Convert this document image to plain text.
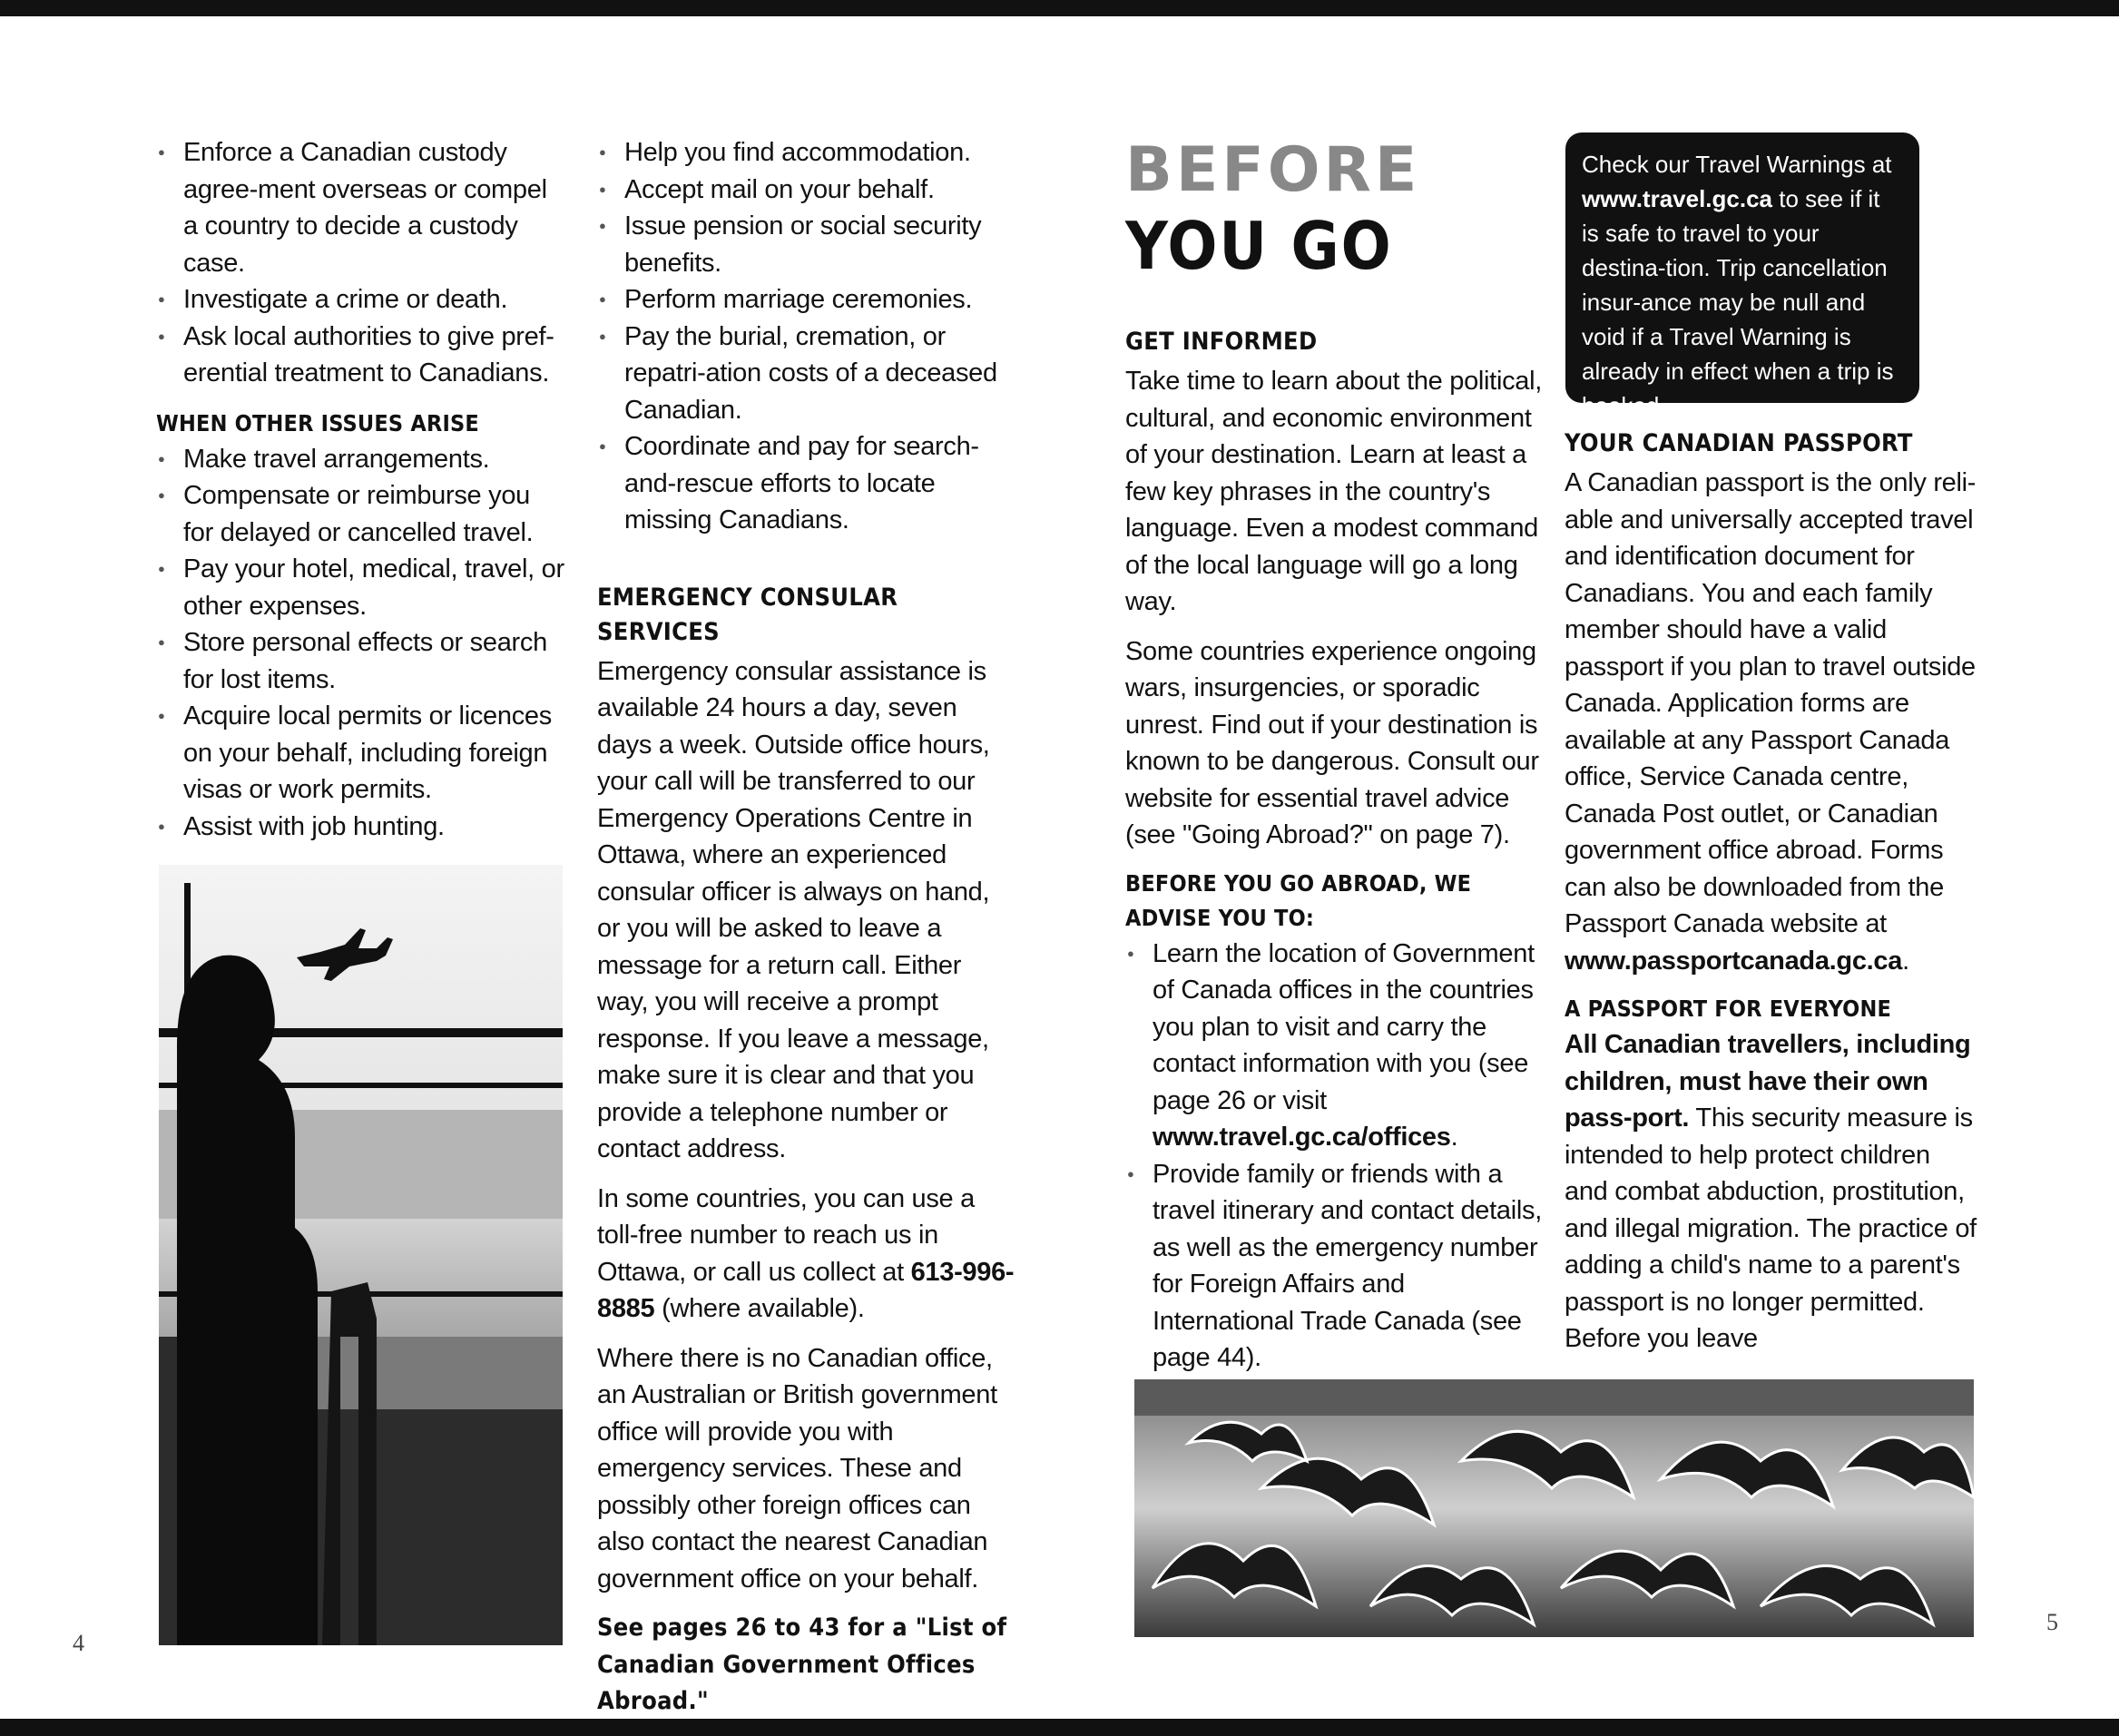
● Enforce a Canadian custody agree-ment overseas or compel a country to decide a custody case.
● Investigate a crime or death.
● Ask local authorities to give pref-erential treatment to Canadians.
WHEN OTHER ISSUES ARISE
● Make travel arrangements.
● Compensate or reimburse you for delayed or cancelled travel.
● Pay your hotel, medical, travel, or other expenses.
● Store personal effects or search for lost items.
● Acquire local permits or licences on your behalf, including foreign visas or work permits.
● Assist with job hunting.
● Help you find accommodation.
● Accept mail on your behalf.
● Issue pension or social security benefits.
● Perform marriage ceremonies.
● Pay the burial, cremation, or repatri-ation costs of a deceased Canadian.
● Coordinate and pay for search-and-rescue efforts to locate missing Canadians.
EMERGENCY CONSULAR SERVICES

Emergency consular assistance is available 24 hours a day, seven days a week. Outside office hours, your call will be transferred to our Emergency Operations Centre in Ottawa, where an experienced consular officer is always on hand, or you will be asked to leave a message for a return call. Either way, you will receive a prompt response. If you leave a message, make sure it is clear and that you provide a telephone number or contact address.

In some countries, you can use a toll-free number to reach us in Ottawa, or call us collect at 613-996-8885 (where available).

Where there is no Canadian office, an Australian or British government office will provide you with emergency services. These and possibly other foreign offices can also contact the nearest Canadian government office on your behalf.

See pages 26 to 43 for a "List of Canadian Government Offices Abroad."

4
BEFORE
YOU GO
GET INFORMED

Take time to learn about the political, cultural, and economic environment of your destination. Learn at least a few key phrases in the country's language. Even a modest command of the local language will go a long way.

Some countries experience ongoing wars, insurgencies, or sporadic unrest. Find out if your destination is known to be dangerous. Consult our website for essential travel advice (see "Going Abroad?" on page 7).

BEFORE YOU GO ABROAD, WE ADVISE YOU TO:
● Learn the location of Government of Canada offices in the countries you plan to visit and carry the contact information with you (see page 26 or visit www.travel.gc.ca/offices.
● Provide family or friends with a travel itinerary and contact details, as well as the emergency number for Foreign Affairs and International Trade Canada (see page 44).
Check our Travel Warnings at www.travel.gc.ca to see if it is safe to travel to your destina-tion. Trip cancellation insur-ance may be null and void if a Travel Warning is already in effect when a trip is booked.
YOUR CANADIAN PASSPORT

A Canadian passport is the only reli-able and universally accepted travel and identification document for Canadians. You and each family member should have a valid passport if you plan to travel outside Canada. Application forms are available at any Passport Canada office, Service Canada centre, Canada Post outlet, or Canadian government office abroad. Forms can also be downloaded from the Passport Canada website at www.passportcanada.gc.ca.

A PASSPORT FOR EVERYONE

All Canadian travellers, including children, must have their own pass-port. This security measure is intended to help protect children and combat abduction, prostitution, and illegal migration. The practice of adding a child's name to a parent's passport is no longer permitted. Before you leave

5
